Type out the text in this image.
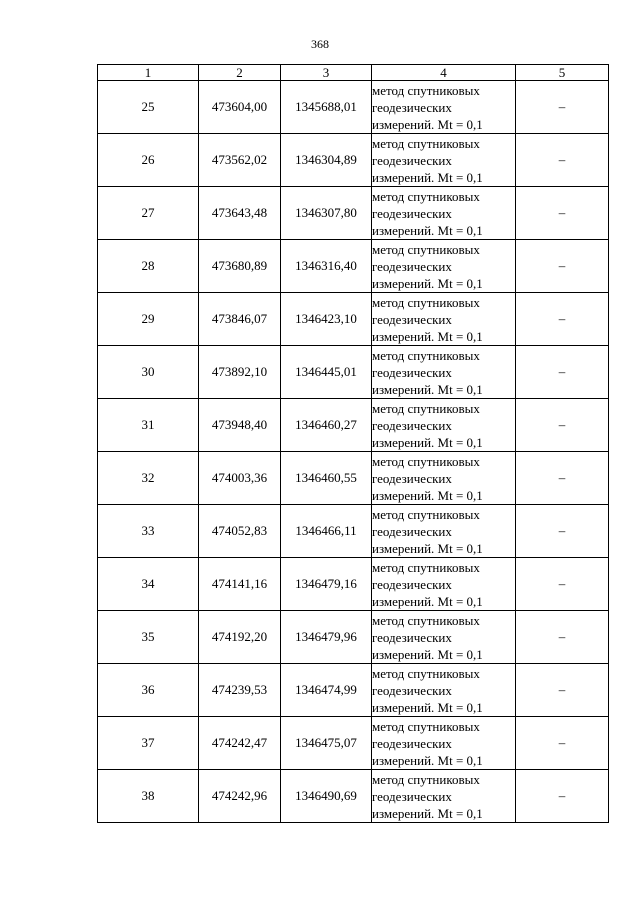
368
1	2	3	4	5
25	473604,00	1345688,01	метод спутниковых
геодезических
измерений. Mt = 0,1	–
26	473562,02	1346304,89	метод спутниковых
геодезических
измерений. Mt = 0,1	–
27	473643,48	1346307,80	метод спутниковых
геодезических
измерений. Mt = 0,1	–
28	473680,89	1346316,40	метод спутниковых
геодезических
измерений. Mt = 0,1	–
29	473846,07	1346423,10	метод спутниковых
геодезических
измерений. Mt = 0,1	–
30	473892,10	1346445,01	метод спутниковых
геодезических
измерений. Mt = 0,1	–
31	473948,40	1346460,27	метод спутниковых
геодезических
измерений. Mt = 0,1	–
32	474003,36	1346460,55	метод спутниковых
геодезических
измерений. Mt = 0,1	–
33	474052,83	1346466,11	метод спутниковых
геодезических
измерений. Mt = 0,1	–
34	474141,16	1346479,16	метод спутниковых
геодезических
измерений. Mt = 0,1	–
35	474192,20	1346479,96	метод спутниковых
геодезических
измерений. Mt = 0,1	–
36	474239,53	1346474,99	метод спутниковых
геодезических
измерений. Mt = 0,1	–
37	474242,47	1346475,07	метод спутниковых
геодезических
измерений. Mt = 0,1	–
38	474242,96	1346490,69	метод спутниковых
геодезических
измерений. Mt = 0,1	–
